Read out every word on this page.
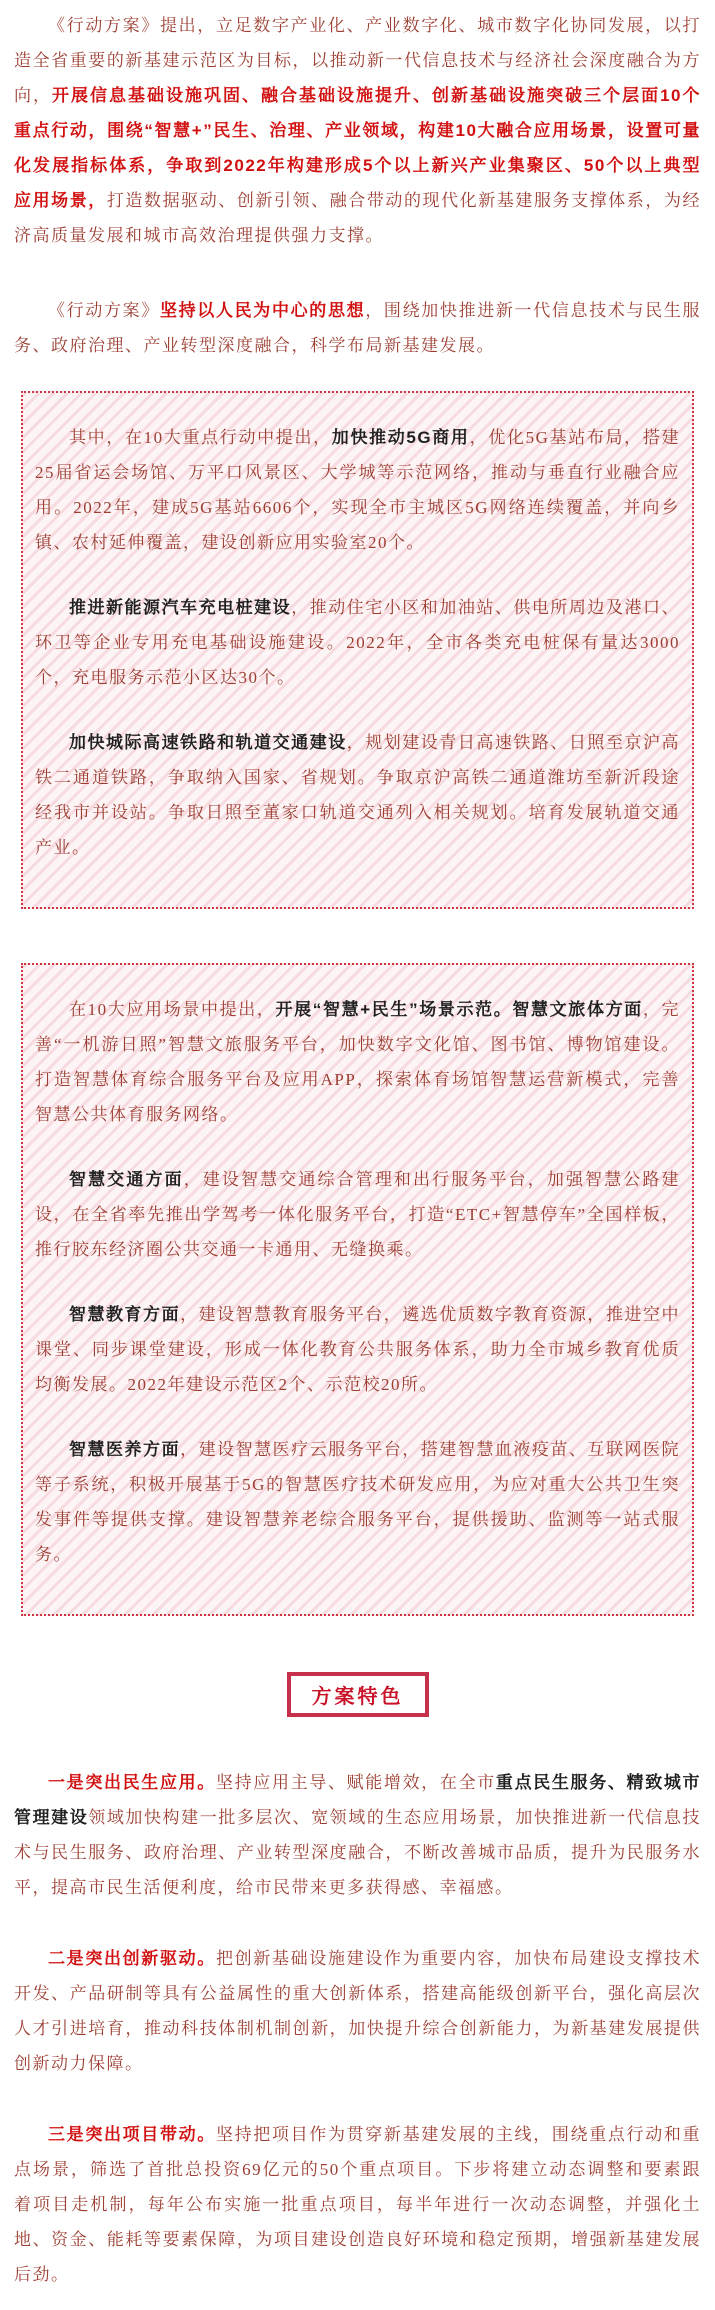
《行动方案》提出，立足数字产业化、产业数字化、城市数字化协同发展，以打造全省重要的新基建示范区为目标，以推动新一代信息技术与经济社会深度融合为方向，开展信息基础设施巩固、融合基础设施提升、创新基础设施突破三个层面10个重点行动，围绕“智慧+”民生、治理、产业领域，构建10大融合应用场景，设置可量化发展指标体系，争取到2022年构建形成5个以上新兴产业集聚区、50个以上典型应用场景，打造数据驱动、创新引领、融合带动的现代化新基建服务支撑体系，为经济高质量发展和城市高效治理提供强力支撑。

《行动方案》坚持以人民为中心的思想，围绕加快推进新一代信息技术与民生服务、政府治理、产业转型深度融合，科学布局新基建发展。

其中，在10大重点行动中提出，加快推动5G商用，优化5G基站布局，搭建25届省运会场馆、万平口风景区、大学城等示范网络，推动与垂直行业融合应用。2022年，建成5G基站6606个，实现全市主城区5G网络连续覆盖，并向乡镇、农村延伸覆盖，建设创新应用实验室20个。

推进新能源汽车充电桩建设，推动住宅小区和加油站、供电所周边及港口、环卫等企业专用充电基础设施建设。2022年，全市各类充电桩保有量达3000个，充电服务示范小区达30个。

加快城际高速铁路和轨道交通建设，规划建设青日高速铁路、日照至京沪高铁二通道铁路，争取纳入国家、省规划。争取京沪高铁二通道潍坊至新沂段途经我市并设站。争取日照至董家口轨道交通列入相关规划。培育发展轨道交通产业。

在10大应用场景中提出，开展“智慧+民生”场景示范。智慧文旅体方面，完善“一机游日照”智慧文旅服务平台，加快数字文化馆、图书馆、博物馆建设。打造智慧体育综合服务平台及应用APP，探索体育场馆智慧运营新模式，完善智慧公共体育服务网络。

智慧交通方面，建设智慧交通综合管理和出行服务平台，加强智慧公路建设，在全省率先推出学驾考一体化服务平台，打造“ETC+智慧停车”全国样板，推行胶东经济圈公共交通一卡通用、无缝换乘。

智慧教育方面，建设智慧教育服务平台，遴选优质数字教育资源，推进空中课堂、同步课堂建设，形成一体化教育公共服务体系，助力全市城乡教育优质均衡发展。2022年建设示范区2个、示范校20所。

智慧医养方面，建设智慧医疗云服务平台，搭建智慧血液疫苗、互联网医院等子系统，积极开展基于5G的智慧医疗技术研发应用，为应对重大公共卫生突发事件等提供支撑。建设智慧养老综合服务平台，提供援助、监测等一站式服务。

方案特色

一是突出民生应用。坚持应用主导、赋能增效，在全市重点民生服务、精致城市管理建设领域加快构建一批多层次、宽领域的生态应用场景，加快推进新一代信息技术与民生服务、政府治理、产业转型深度融合，不断改善城市品质，提升为民服务水平，提高市民生活便利度，给市民带来更多获得感、幸福感。

二是突出创新驱动。把创新基础设施建设作为重要内容，加快布局建设支撑技术开发、产品研制等具有公益属性的重大创新体系，搭建高能级创新平台，强化高层次人才引进培育，推动科技体制机制创新，加快提升综合创新能力，为新基建发展提供创新动力保障。

三是突出项目带动。坚持把项目作为贯穿新基建发展的主线，围绕重点行动和重点场景，筛选了首批总投资69亿元的50个重点项目。下步将建立动态调整和要素跟着项目走机制，每年公布实施一批重点项目，每半年进行一次动态调整，并强化土地、资金、能耗等要素保障，为项目建设创造良好环境和稳定预期，增强新基建发展后劲。
